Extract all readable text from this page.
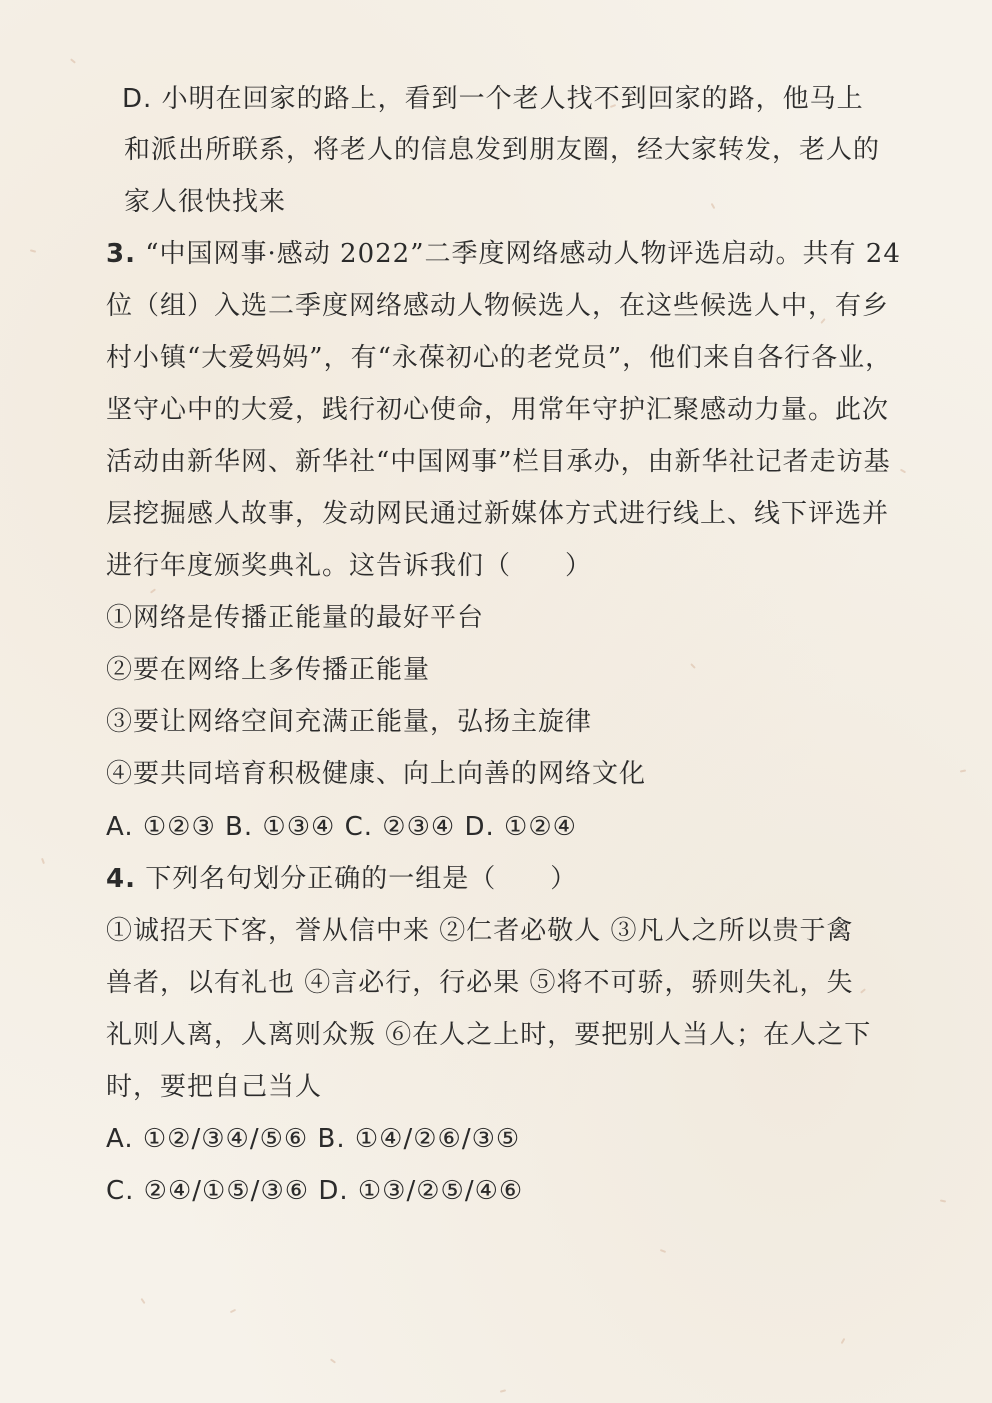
D. 小明在回家的路上，看到一个老人找不到回家的路，他马上
和派出所联系，将老人的信息发到朋友圈，经大家转发，老人的
家人很快找来
3. “中国网事·感动 2022”二季度网络感动人物评选启动。共有 24
位（组）入选二季度网络感动人物候选人，在这些候选人中，有乡
村小镇“大爱妈妈”，有“永葆初心的老党员”，他们来自各行各业，
坚守心中的大爱，践行初心使命，用常年守护汇聚感动力量。此次
活动由新华网、新华社“中国网事”栏目承办，由新华社记者走访基
层挖掘感人故事，发动网民通过新媒体方式进行线上、线下评选并
进行年度颁奖典礼。这告诉我们（　　）
①网络是传播正能量的最好平台
②要在网络上多传播正能量
③要让网络空间充满正能量，弘扬主旋律
④要共同培育积极健康、向上向善的网络文化
A. ①②③ B. ①③④ C. ②③④ D. ①②④
4. 下列名句划分正确的一组是（　　）
①诚招天下客，誉从信中来 ②仁者必敬人 ③凡人之所以贵于禽
兽者，以有礼也 ④言必行，行必果 ⑤将不可骄，骄则失礼，失
礼则人离，人离则众叛 ⑥在人之上时，要把别人当人；在人之下
时，要把自己当人
A. ①②/③④/⑤⑥ B. ①④/②⑥/③⑤
C. ②④/①⑤/③⑥ D. ①③/②⑤/④⑥
